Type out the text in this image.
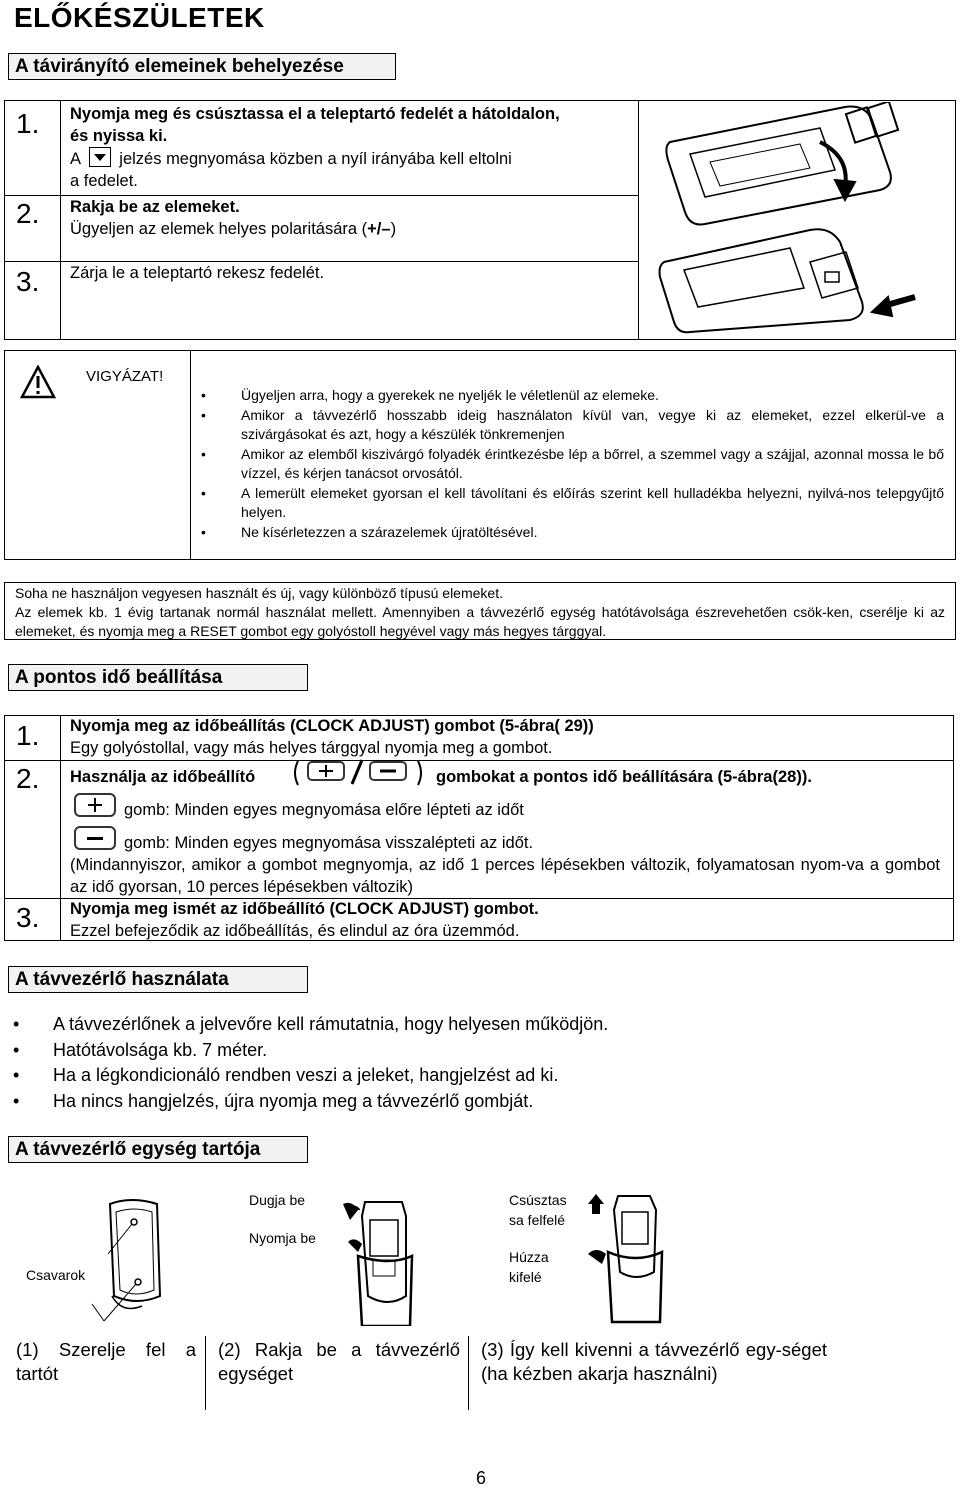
ELŐKÉSZÜLETEK
A távirányító elemeinek behelyezése
1. Nyomja meg és csúsztassa el a teleptartó fedelét a hátoldalon,
és nyissa ki.
A jelzés megnyomása közben a nyíl irányába kell eltolni
a fedelet.
2. Rakja be az elemeket.
Ügyeljen az elemek helyes polaritására (+/–)
3. Zárja le a teleptartó rekesz fedelét.
VIGYÁZAT!
• Ügyeljen arra, hogy a gyerekek ne nyeljék le véletlenül az elemeke.
• Amikor a távvezérlő hosszabb ideig használaton kívül van, vegye ki az elemeket, ezzel elkerül-ve a szivárgásokat és azt, hogy a készülék tönkremenjen
• Amikor az elemből kiszivárgó folyadék érintkezésbe lép a bőrrel, a szemmel vagy a szájjal, azonnal mossa le bő vízzel, és kérjen tanácsot orvosától.
• A lemerült elemeket gyorsan el kell távolítani és előírás szerint kell hulladékba helyezni, nyilvá-nos telepgyűjtő helyen.
• Ne kísérletezzen a szárazelemek újratöltésével.
Soha ne használjon vegyesen használt és új, vagy különböző típusú elemeket.
Az elemek kb. 1 évig tartanak normál használat mellett. Amennyiben a távvezérlő egység hatótávolsága észrevehetően csök-ken, cserélje ki az elemeket, és nyomja meg a RESET gombot egy golyóstoll hegyével vagy más hegyes tárggyal.
A pontos idő beállítása
1. Nyomja meg az időbeállítás (CLOCK ADJUST) gombot (5-ábra( 29))
Egy golyóstollal, vagy más helyes tárggyal nyomja meg a gombot.
2. Használja az időbeállító	gombokat a pontos idő beállítására (5-ábra(28)).
gomb: Minden egyes megnyomása előre lépteti az időt
gomb: Minden egyes megnyomása visszalépteti az időt.
(Mindannyiszor, amikor a gombot megnyomja, az idő 1 perces lépésekben változik, folyamatosan nyom-va a gombot az idő gyorsan, 10 perces lépésekben változik)
3. Nyomja meg ismét az időbeállító (CLOCK ADJUST) gombot.
Ezzel befejeződik az időbeállítás, és elindul az óra üzemmód.
A távvezérlő használata
• A távvezérlőnek a jelvevőre kell rámutatnia, hogy helyesen működjön.
• Hatótávolsága kb. 7 méter.
• Ha a légkondicionáló rendben veszi a jeleket, hangjelzést ad ki.
• Ha nincs hangjelzés, újra nyomja meg a távvezérlő gombját.
A távvezérlő egység tartója
Csavarok
Dugja be
Nyomja be
Csúsztas
sa felfelé
Húzza
kifelé
(1) Szerelje fel a tartót
(2) Rakja be a távvezérlő egységet
(3) Így kell kivenni a távvezérlő egy-séget (ha kézben akarja használni)
6
